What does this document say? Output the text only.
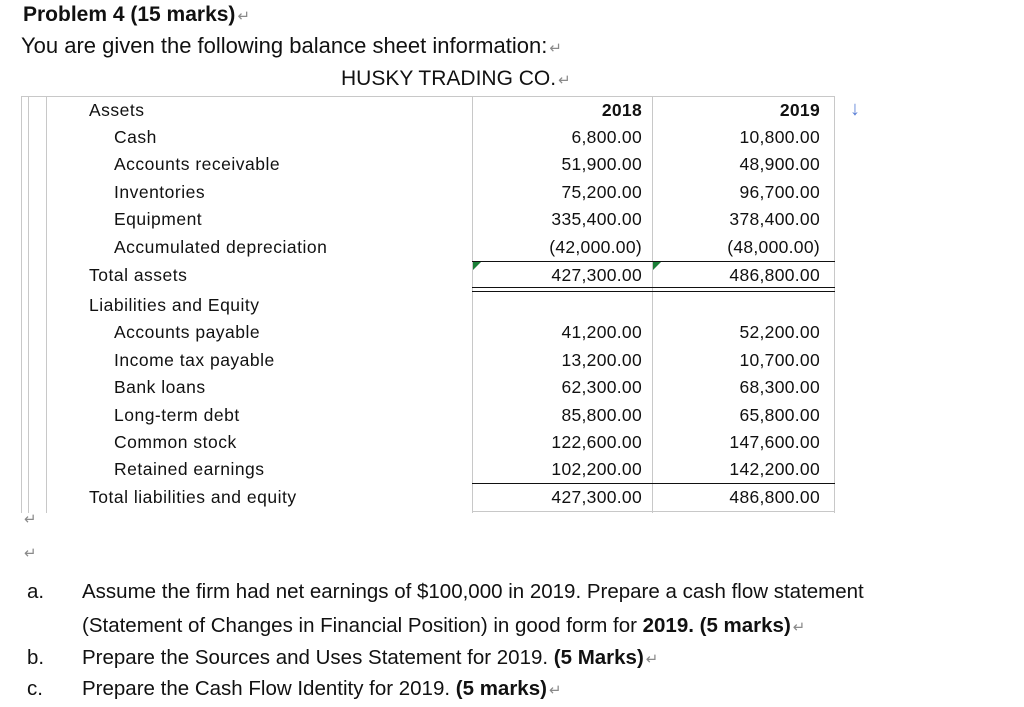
Problem 4 (15 marks) ↵
You are given the following balance sheet information: ↵
HUSKY TRADING CO. ↵
Assets	2018	2019
Cash	6,800.00	10,800.00
Accounts receivable	51,900.00	48,900.00
Inventories	75,200.00	96,700.00
Equipment	335,400.00	378,400.00
Accumulated depreciation	(42,000.00)	(48,000.00)
Total assets	427,300.00	486,800.00
Liabilities and Equity
Accounts payable	41,200.00	52,200.00
Income tax payable	13,200.00	10,700.00
Bank loans	62,300.00	68,300.00
Long-term debt	85,800.00	65,800.00
Common stock	122,600.00	147,600.00
Retained earnings	102,200.00	142,200.00
Total liabilities and equity	427,300.00	486,800.00
↓
↵
↵
a.	Assume the firm had net earnings of $100,000 in 2019. Prepare a cash flow statement
(Statement of Changes in Financial Position) in good form for 2019. (5 marks) ↵
b.	Prepare the Sources and Uses Statement for 2019. (5 Marks) ↵
c.	Prepare the Cash Flow Identity for 2019. (5 marks) ↵
